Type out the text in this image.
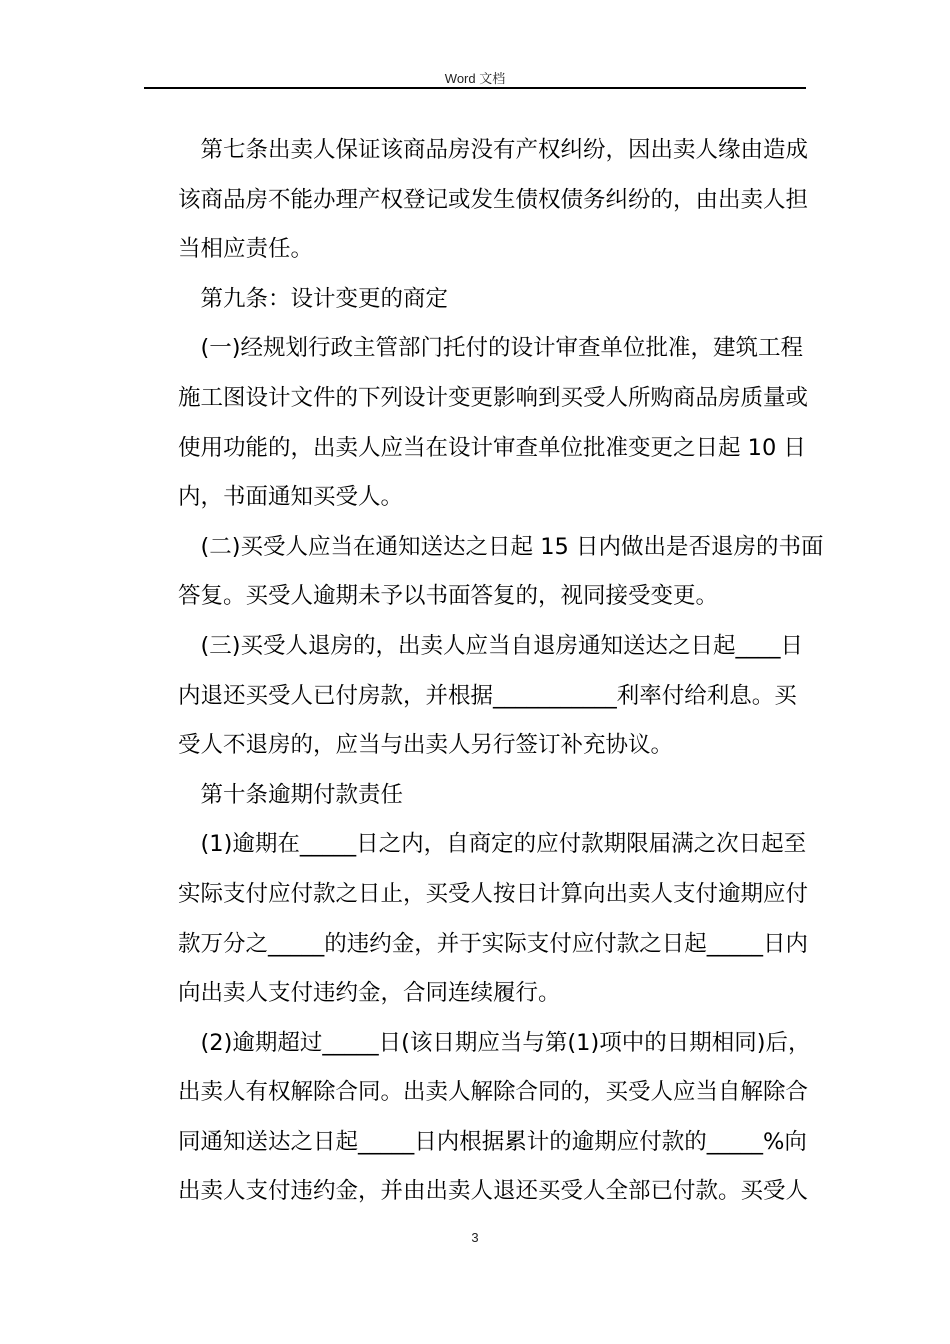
Word 文档
　第七条出卖人保证该商品房没有产权纠纷，因出卖人缘由造成
该商品房不能办理产权登记或发生债权债务纠纷的，由出卖人担
当相应责任。
　第九条：设计变更的商定
　(一)经规划行政主管部门托付的设计审查单位批准，建筑工程
施工图设计文件的下列设计变更影响到买受人所购商品房质量或
使用功能的，出卖人应当在设计审查单位批准变更之日起 10 日
内，书面通知买受人。
　(二)买受人应当在通知送达之日起 15 日内做出是否退房的书面
答复。买受人逾期未予以书面答复的，视同接受变更。
　(三)买受人退房的，出卖人应当自退房通知送达之日起____日
内退还买受人已付房款，并根据___________利率付给利息。买
受人不退房的，应当与出卖人另行签订补充协议。
　第十条逾期付款责任
　(1)逾期在_____日之内，自商定的应付款期限届满之次日起至
实际支付应付款之日止，买受人按日计算向出卖人支付逾期应付
款万分之_____的违约金，并于实际支付应付款之日起_____日内
向出卖人支付违约金，合同连续履行。
　(2)逾期超过_____日(该日期应当与第(1)项中的日期相同)后，
出卖人有权解除合同。出卖人解除合同的，买受人应当自解除合
同通知送达之日起_____日内根据累计的逾期应付款的_____%向
出卖人支付违约金，并由出卖人退还买受人全部已付款。买受人
3
